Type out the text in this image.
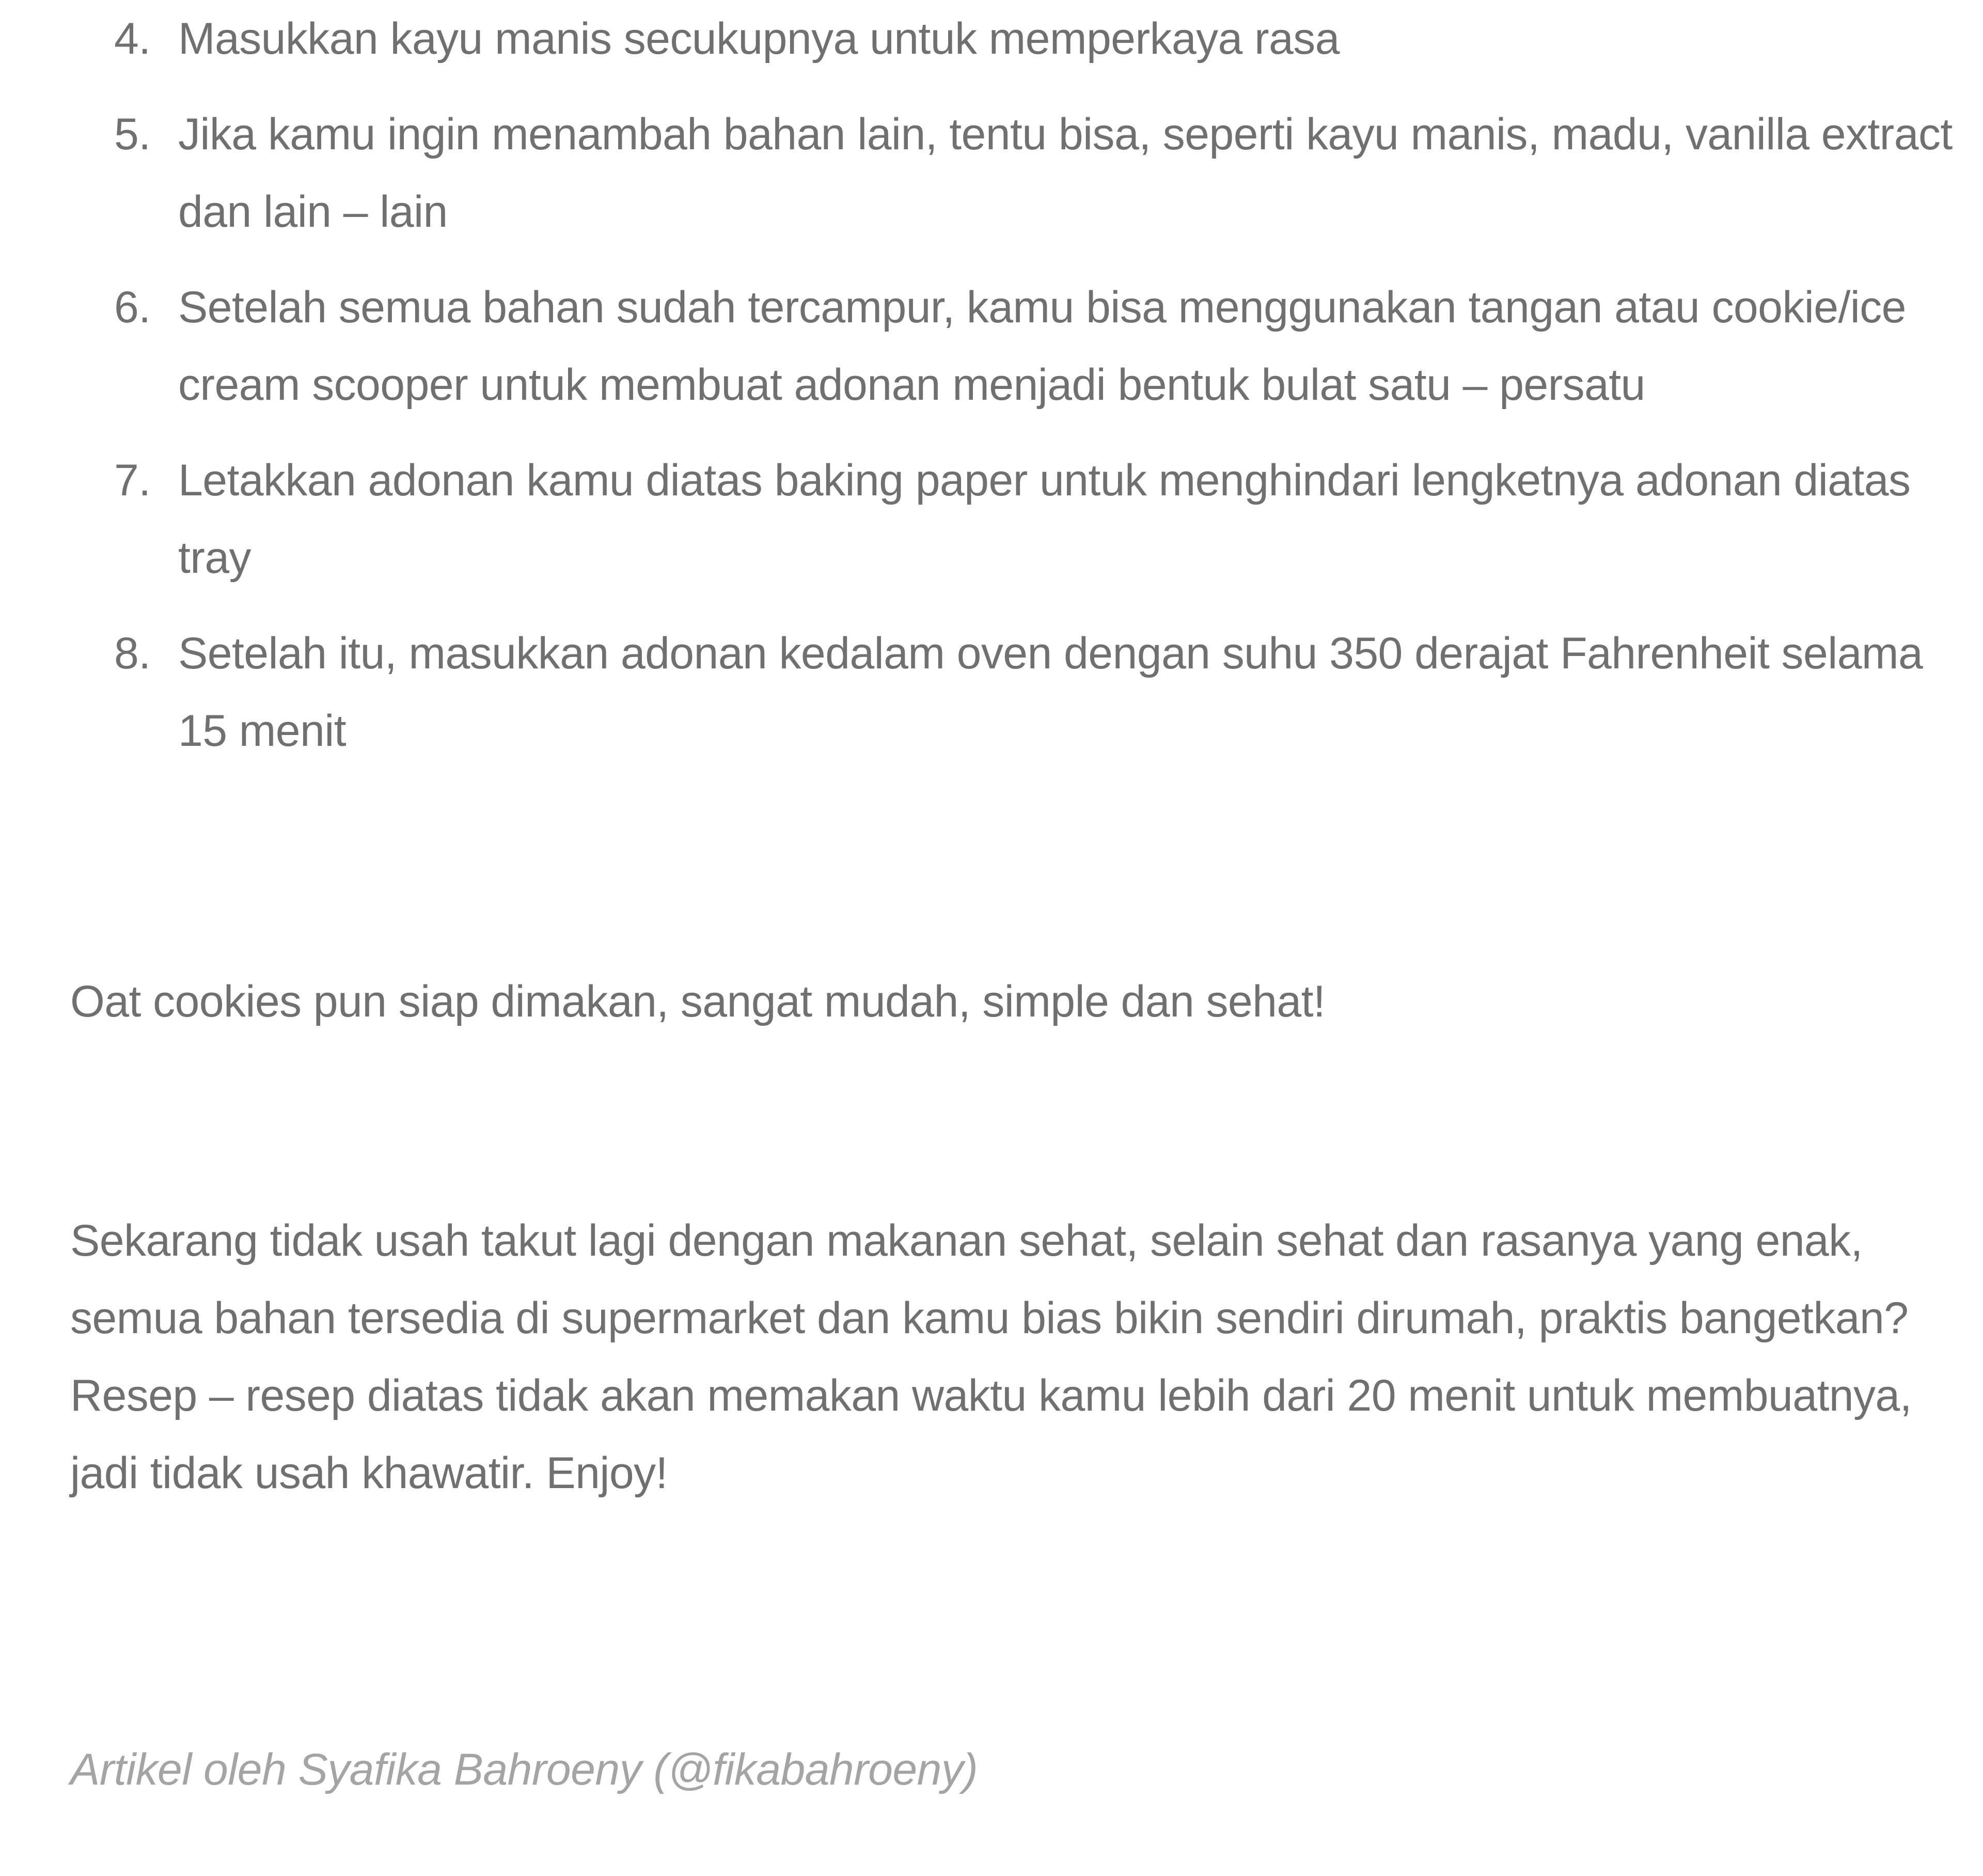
4. Masukkan kayu manis secukupnya untuk memperkaya rasa
5. Jika kamu ingin menambah bahan lain, tentu bisa, seperti kayu manis, madu, vanilla extract dan lain – lain
6. Setelah semua bahan sudah tercampur, kamu bisa menggunakan tangan atau cookie/ice cream scooper untuk membuat adonan menjadi bentuk bulat satu – persatu
7. Letakkan adonan kamu diatas baking paper untuk menghindari lengketnya adonan diatas tray
8. Setelah itu, masukkan adonan kedalam oven dengan suhu 350 derajat Fahrenheit selama 15 menit

Oat cookies pun siap dimakan, sangat mudah, simple dan sehat!

Sekarang tidak usah takut lagi dengan makanan sehat, selain sehat dan rasanya yang enak, semua bahan tersedia di supermarket dan kamu bias bikin sendiri dirumah, praktis bangetkan? Resep – resep diatas tidak akan memakan waktu kamu lebih dari 20 menit untuk membuatnya, jadi tidak usah khawatir. Enjoy!

Artikel oleh Syafika Bahroeny (@fikabahroeny)
